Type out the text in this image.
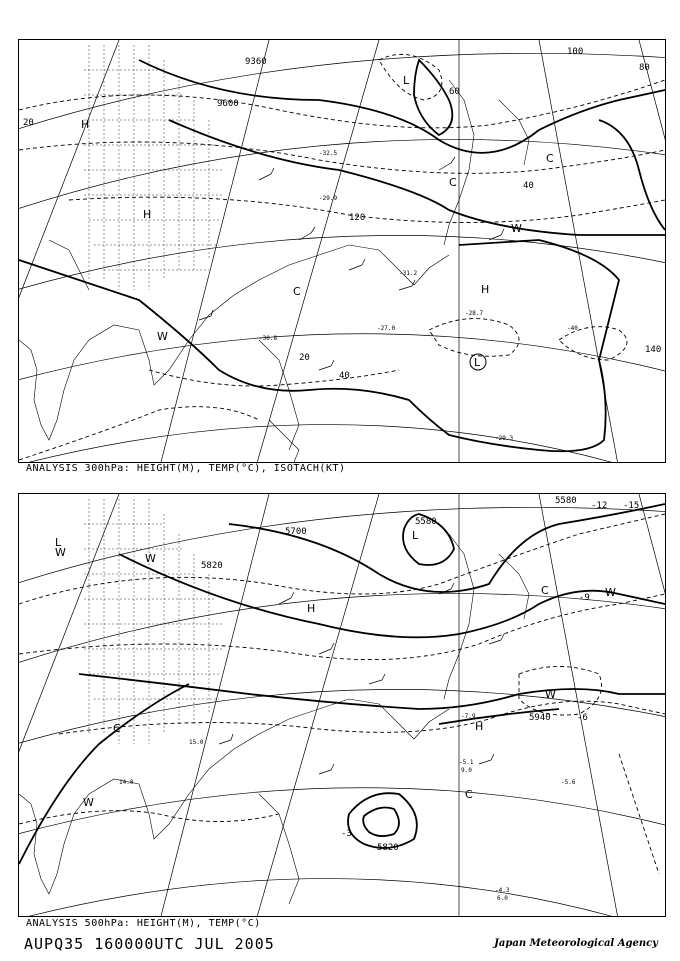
9360
9600
20
20
40
40
60
80
100
120
140
-40
-32.5
-29.3
-28.7
-27.0
-30.8
-29.9
-31.2
H
H
H
L
L
C
C
C
W
W
ANALYSIS 300hPa: HEIGHT(M), TEMP(°C), ISOTACH(KT)
5580
5700
5820
5940
5820
5580
-12 -15
-9
-6
-3
-5.1
-4.3
6.0
9.0
14.0
15.0
-5.6
-7.9
L
W	W
W
W
W
C
C
C	H
H
L
ANALYSIS 500hPa: HEIGHT(M), TEMP(°C)
AUPQ35 160000UTC JUL 2005	Japan Meteorological Agency
